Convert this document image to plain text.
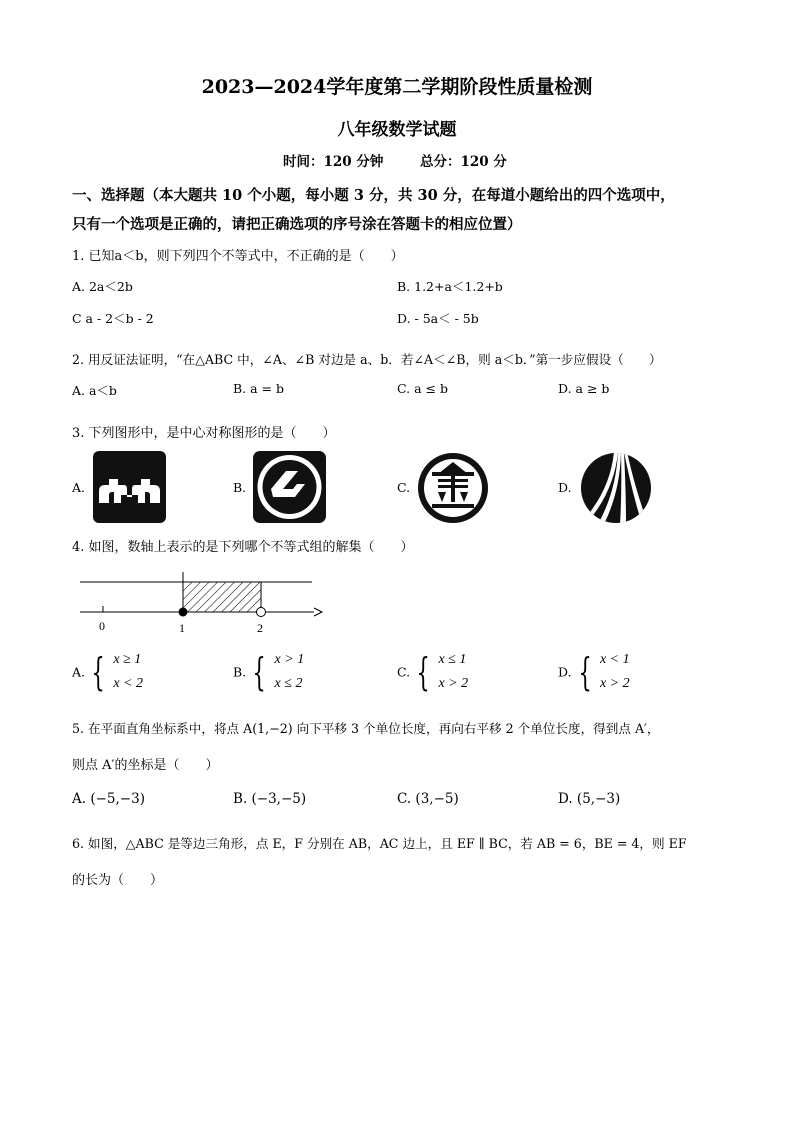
2023—2024学年度第二学期阶段性质量检测
八年级数学试题
时间：120 分钟	总分：120 分
一、选择题（本大题共 10 个小题，每小题 3 分，共 30 分，在每道小题给出的四个选项中，
只有一个选项是正确的，请把正确选项的序号涂在答题卡的相应位置）
1. 已知a＜b，则下列四个不等式中，不正确的是（　　）
A. 2a＜2b	B. 1.2+a＜1.2+b
C a - 2＜b - 2	D. - 5a＜ - 5b
2. 用反证法证明，“在△ABC 中，∠A、∠B 对边是 a、b．若∠A＜∠B，则 a＜b．”第一步应假设（　　）
A. a＜b	B. a = b	C. a ≤ b	D. a ≥ b
3. 下列图形中，是中心对称图形的是（　　）
A.	B.	C.	D.
4. 如图，数轴上表示的是下列哪个不等式组的解集（　　）
0	1	2
A. { x ≥ 1
x < 2
B. { x > 1
x ≤ 2
C. { x ≤ 1
x > 2
D. { x < 1
x > 2
5. 在平面直角坐标系中，将点 A(1,−2) 向下平移 3 个单位长度，再向右平移 2 个单位长度，得到点 A′，
则点 A′的坐标是（　　）
A. (−5,−3)	B. (−3,−5)	C. (3,−5)	D. (5,−3)
6. 如图，△ABC 是等边三角形，点 E，F 分别在 AB，AC 边上，且 EF ∥ BC，若 AB = 6，BE = 4，则 EF
的长为（　　）
